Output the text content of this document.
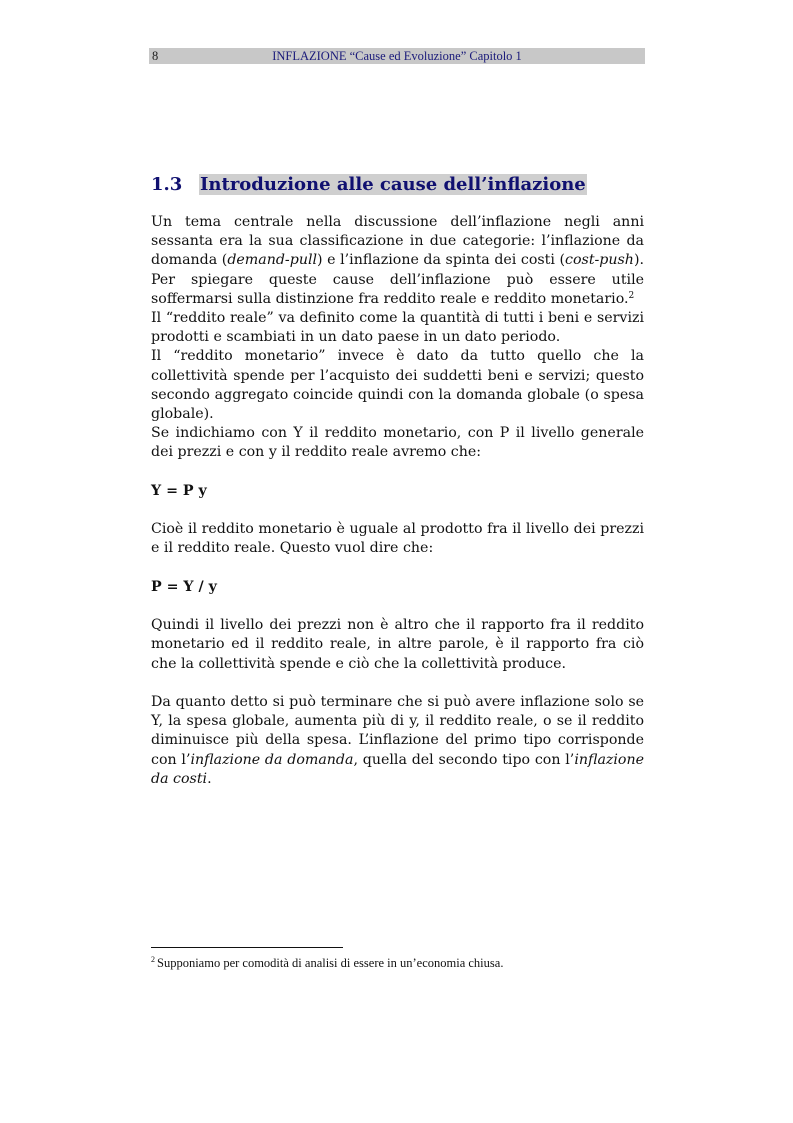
8	INFLAZIONE “Cause ed Evoluzione” Capitolo 1
1.3 Introduzione alle cause dell’inflazione

Un tema centrale nella discussione dell’inflazione negli anni sessanta era la sua classificazione in due categorie: l’inflazione da domanda (demand-pull) e l’inflazione da spinta dei costi (cost-push). Per spiegare queste cause dell’inflazione può essere utile soffermarsi sulla distinzione fra reddito reale e reddito monetario.$^2$

Il “reddito reale” va definito come la quantità di tutti i beni e servizi prodotti e scambiati in un dato paese in un dato periodo.

Il “reddito monetario” invece è dato da tutto quello che la collettività spende per l’acquisto dei suddetti beni e servizi; questo secondo aggregato coincide quindi con la domanda globale (o spesa globale).

Se indichiamo con Y il reddito monetario, con P il livello generale dei prezzi e con y il reddito reale avremo che:

Y = P y

Cioè il reddito monetario è uguale al prodotto fra il livello dei prezzi e il reddito reale. Questo vuol dire che:

P = Y / y

Quindi il livello dei prezzi non è altro che il rapporto fra il reddito monetario ed il reddito reale, in altre parole, è il rapporto fra ciò che la collettività spende e ciò che la collettività produce.

Da quanto detto si può terminare che si può avere inflazione solo se Y, la spesa globale, aumenta più di y, il reddito reale, o se il reddito diminuisce più della spesa. L’inflazione del primo tipo corrisponde con l’inflazione da domanda, quella del secondo tipo con l’inflazione da costi.

$^2$ Supponiamo per comodità di analisi di essere in un’economia chiusa.
